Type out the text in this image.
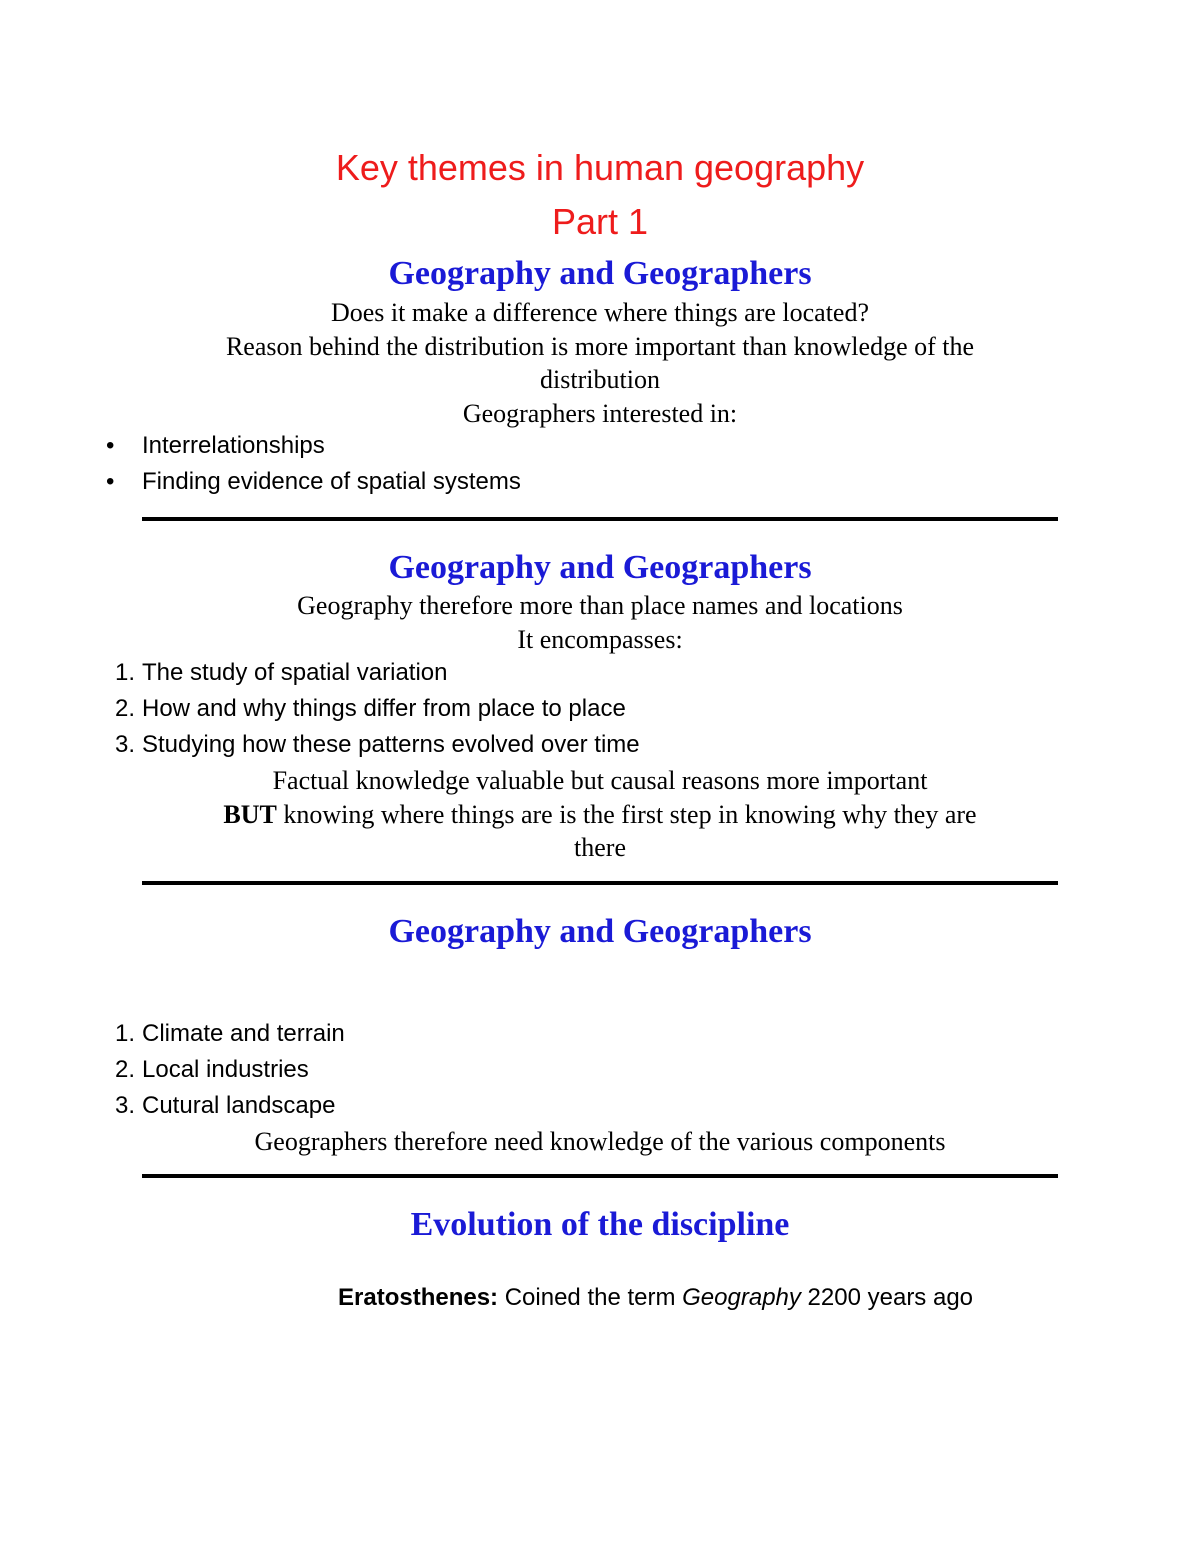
Key themes in human geography
Part 1
Geography and Geographers
Does it make a difference where things are located?
Reason behind the distribution is more important than knowledge of the
distribution
Geographers interested in:
•	Interrelationships
•	Finding evidence of spatial systems
Geography and Geographers
Geography therefore more than place names and locations
It encompasses:
1. The study of spatial variation
2. How and why things differ from place to place
3. Studying how these patterns evolved over time
Factual knowledge valuable but causal reasons more important
BUT knowing where things are is the first step in knowing why they are
there
Geography and Geographers
1. Climate and terrain
2. Local industries
3. Cutural landscape
Geographers therefore need knowledge of the various components
Evolution of the discipline
Eratosthenes: Coined the term Geography 2200 years ago
